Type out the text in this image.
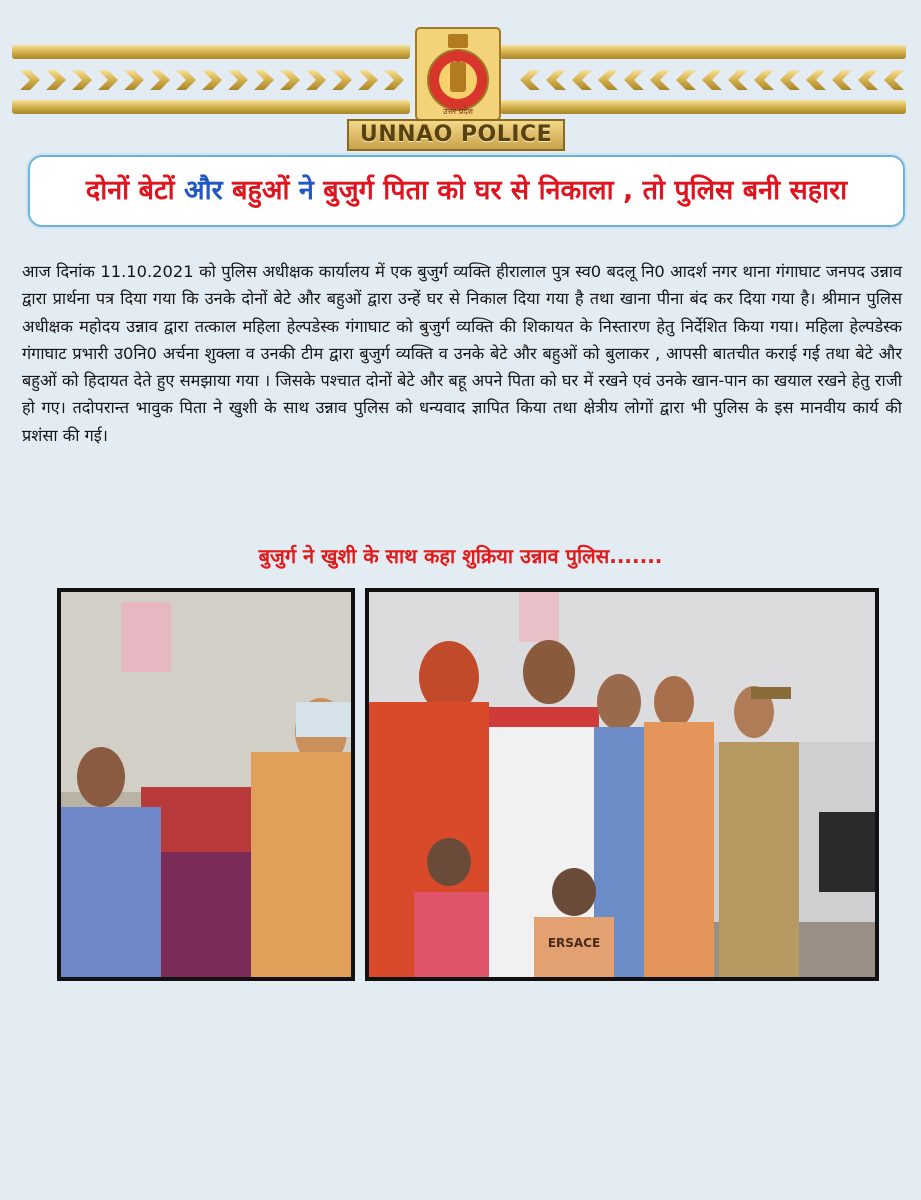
उत्तर प्रदेश
UNNAO POLICE
दोनों बेटों और बहुओं ने बुजुर्ग पिता को घर से निकाला , तो पुलिस बनी सहारा

आज दिनांक 11.10.2021 को पुलिस अधीक्षक कार्यालय में एक बुजुर्ग व्यक्ति हीरालाल पुत्र स्व0 बदलू नि0 आदर्श नगर थाना गंगाघाट जनपद उन्नाव द्वारा प्रार्थना पत्र दिया गया कि उनके दोनों बेटे और बहुओं द्वारा उन्हें घर से निकाल दिया गया है तथा खाना पीना बंद कर दिया गया है। श्रीमान पुलिस अधीक्षक महोदय उन्नाव द्वारा तत्काल महिला हेल्पडेस्क गंगाघाट को बुजुर्ग व्यक्ति की शिकायत के निस्तारण हेतु निर्देशित किया गया। महिला हेल्पडेस्क गंगाघाट प्रभारी उ0नि0 अर्चना शुक्ला व उनकी टीम द्वारा बुजुर्ग व्यक्ति व उनके बेटे और बहुओं को बुलाकर , आपसी बातचीत कराई गई तथा बेटे और बहुओं को हिदायत देते हुए समझाया गया । जिसके पश्चात दोनों बेटे और बहू अपने पिता को घर में रखने एवं उनके खान-पान का खयाल रखने हेतु राजी हो गए। तदोपरान्त भावुक पिता ने खुशी के साथ उन्नाव पुलिस को धन्यवाद ज्ञापित किया तथा क्षेत्रीय लोगों द्वारा भी पुलिस के इस मानवीय कार्य की प्रशंसा की गई।

बुजुर्ग ने खुशी के साथ कहा शुक्रिया उन्नाव पुलिस.......
ERSACE
